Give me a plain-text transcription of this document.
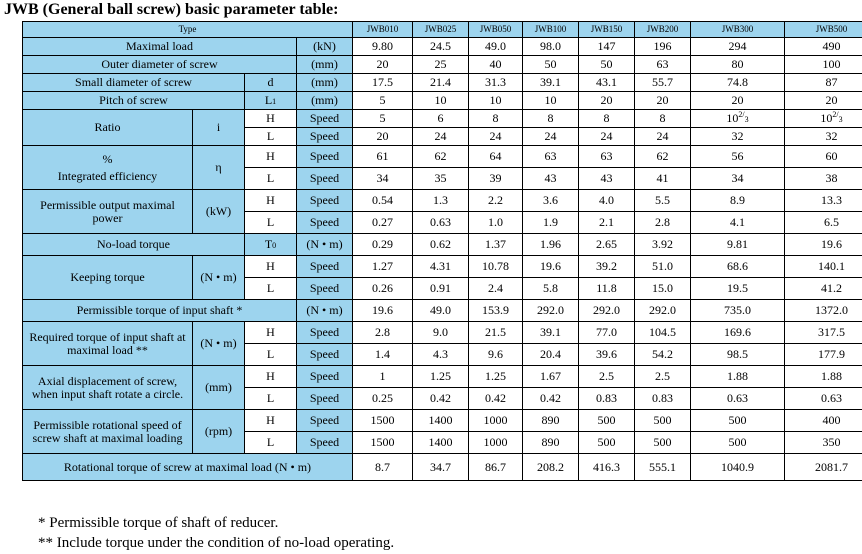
JWB (General ball screw) basic parameter table:
Type				JWB010	JWB025	JWB050	JWB100	JWB150	JWB200	JWB300	JWB500
Maximal load			(kN)	9.80	24.5	49.0	98.0	147	196	294	490
Outer diameter of screw			(mm)	20	25	40	50	50	63	80	100
Small diameter of screw		d	(mm)	17.5	21.4	31.3	39.1	43.1	55.7	74.8	87
Pitch of screw		L1	(mm)	5	10	10	10	20	20	20	20
Ratio	i	H	Speed	5	6	8	8	8	8	$10^{2/}3$	$10^{2/}3$
		L	Speed	20	24	24	24	24	24	32	32

%
Integrated efficiency	η	H	Speed	61	62	64	63	63	62	56	60
		L	Speed	34	35	39	43	43	41	34	38
Permissible output maximal power	(kW)	H	Speed	0.54	1.3	2.2	3.6	4.0	5.5	8.9	13.3
		L	Speed	0.27	0.63	1.0	1.9	2.1	2.8	4.1	6.5
No-load torque		T0	(N • m)	0.29	0.62	1.37	1.96	2.65	3.92	9.81	19.6
Keeping torque	(N • m)	H	Speed	1.27	4.31	10.78	19.6	39.2	51.0	68.6	140.1
		L	Speed	0.26	0.91	2.4	5.8	11.8	15.0	19.5	41.2
Permissible torque of input shaft *			(N • m)	19.6	49.0	153.9	292.0	292.0	292.0	735.0	1372.0
Required torque of input shaft at maximal load **	(N • m)	H	Speed	2.8	9.0	21.5	39.1	77.0	104.5	169.6	317.5
		L	Speed	1.4	4.3	9.6	20.4	39.6	54.2	98.5	177.9
Axial displacement of screw, when input shaft rotate a circle.	(mm)	H	Speed	1	1.25	1.25	1.67	2.5	2.5	1.88	1.88
		L	Speed	0.25	0.42	0.42	0.42	0.83	0.83	0.63	0.63
Permissible rotational speed of screw shaft at maximal loading	(rpm)	H	Speed	1500	1400	1000	890	500	500	500	400
		L	Speed	1500	1400	1000	890	500	500	500	350
Rotational torque of screw at maximal load (N • m)				8.7	34.7	86.7	208.2	416.3	555.1	1040.9	2081.7
* Permissible torque of shaft of reducer.
** Include torque under the condition of no-load operating.
